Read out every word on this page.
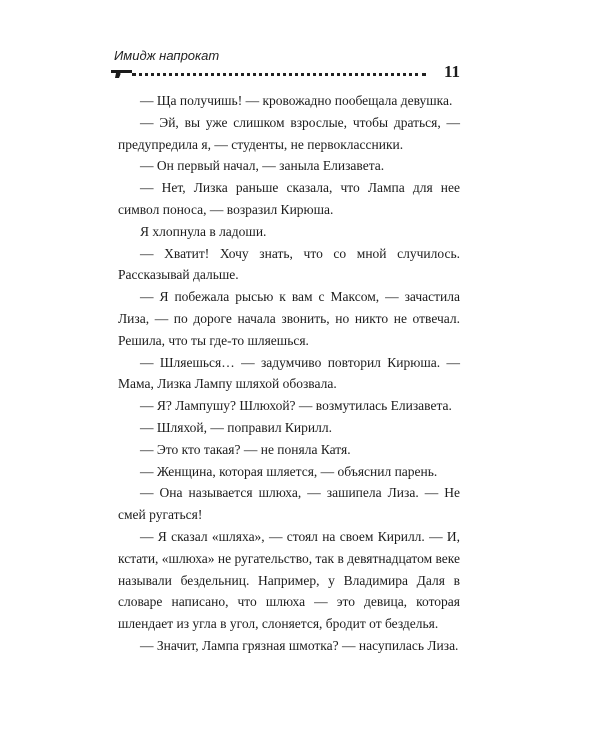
Имидж напрокат
11

— Ща получишь! — кровожадно пообещала девушка.

— Эй, вы уже слишком взрослые, чтобы драться, — предупредила я, — студенты, не первоклассники.

— Он первый начал, — заныла Елизавета.

— Нет, Лизка раньше сказала, что Лампа для нее символ поноса, — возразил Кирюша.

Я хлопнула в ладоши.

— Хватит! Хочу знать, что со мной случилось. Рассказывай дальше.

— Я побежала рысью к вам с Максом, — зачастила Лиза, — по дороге начала звонить, но никто не отвечал. Решила, что ты где-то шляешься.

— Шляешься… — задумчиво повторил Кирюша. — Мама, Лизка Лампу шляхой обозвала.

— Я? Лампушу? Шлюхой? — возмутилась Елизавета.

— Шляхой, — поправил Кирилл.

— Это кто такая? — не поняла Катя.

— Женщина, которая шляется, — объяснил парень.

— Она называется шлюха, — зашипела Лиза. — Не смей ругаться!

— Я сказал «шляха», — стоял на своем Кирилл. — И, кстати, «шлюха» не ругательство, так в девятнадцатом веке называли бездельниц. Например, у Владимира Даля в словаре написано, что шлюха — это девица, которая шлендает из угла в угол, слоняется, бродит от безделья.

— Значит, Лампа грязная шмотка? — насупилась Лиза.
